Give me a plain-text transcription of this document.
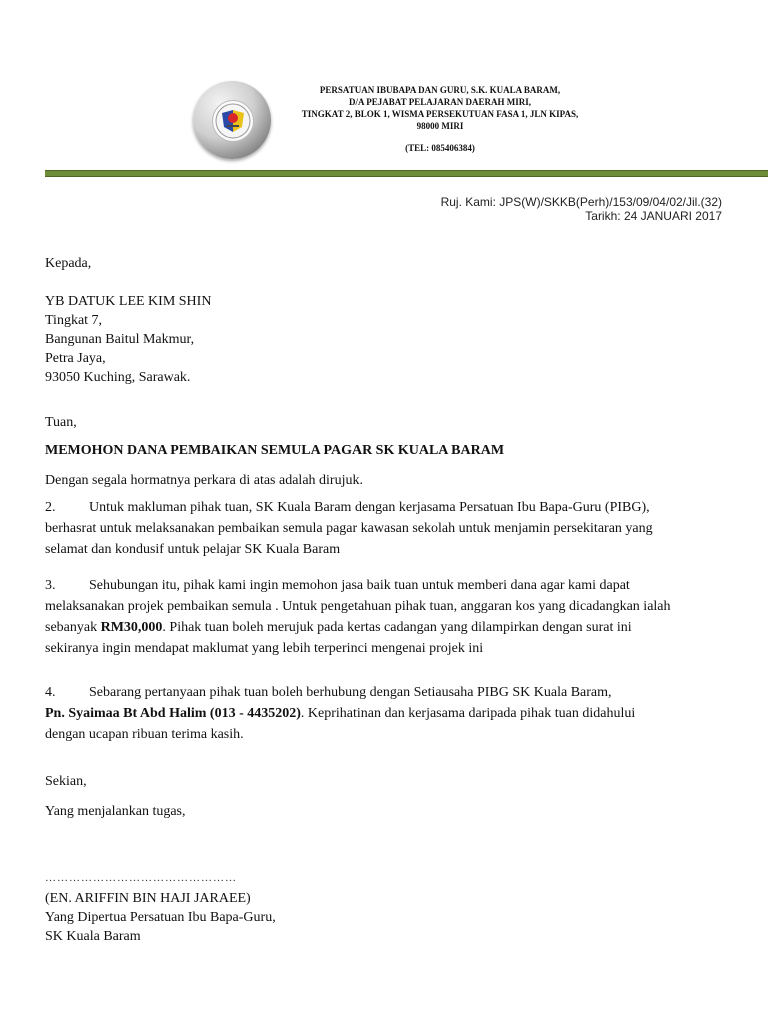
PERSATUAN IBUBAPA DAN GURU, S.K. KUALA BARAM,
D/A PEJABAT PELAJARAN DAERAH MIRI,
TINGKAT 2, BLOK 1, WISMA PERSEKUTUAN FASA 1, JLN KIPAS,
98000 MIRI
(TEL: 085406384)
Ruj. Kami: JPS(W)/SKKB(Perh)/153/09/04/02/Jil.(32)
Tarikh: 24 JANUARI 2017
Kepada,
YB DATUK LEE KIM SHIN
Tingkat 7,
Bangunan Baitul Makmur,
Petra Jaya,
93050 Kuching, Sarawak.
Tuan,
MEMOHON DANA PEMBAIKAN SEMULA PAGAR SK KUALA BARAM
Dengan segala hormatnya perkara di atas adalah dirujuk.
2. Untuk makluman pihak tuan, SK Kuala Baram dengan kerjasama Persatuan Ibu Bapa-Guru (PIBG),
berhasrat untuk melaksanakan pembaikan semula pagar kawasan sekolah untuk menjamin persekitaran yang
selamat dan kondusif untuk pelajar SK Kuala Baram
3. Sehubungan itu, pihak kami ingin memohon jasa baik tuan untuk memberi dana agar kami dapat
melaksanakan projek pembaikan semula . Untuk pengetahuan pihak tuan, anggaran kos yang dicadangkan ialah
sebanyak RM30,000. Pihak tuan boleh merujuk pada kertas cadangan yang dilampirkan dengan surat ini
sekiranya ingin mendapat maklumat yang lebih terperinci mengenai projek ini
4. Sebarang pertanyaan pihak tuan boleh berhubung dengan Setiausaha PIBG SK Kuala Baram,
Pn. Syaimaa Bt Abd Halim (013 - 4435202). Keprihatinan dan kerjasama daripada pihak tuan didahului
dengan ucapan ribuan terima kasih.
Sekian,
Yang menjalankan tugas,
…………………………………………
(EN. ARIFFIN BIN HAJI JARAEE)
Yang Dipertua Persatuan Ibu Bapa-Guru,
SK Kuala Baram
